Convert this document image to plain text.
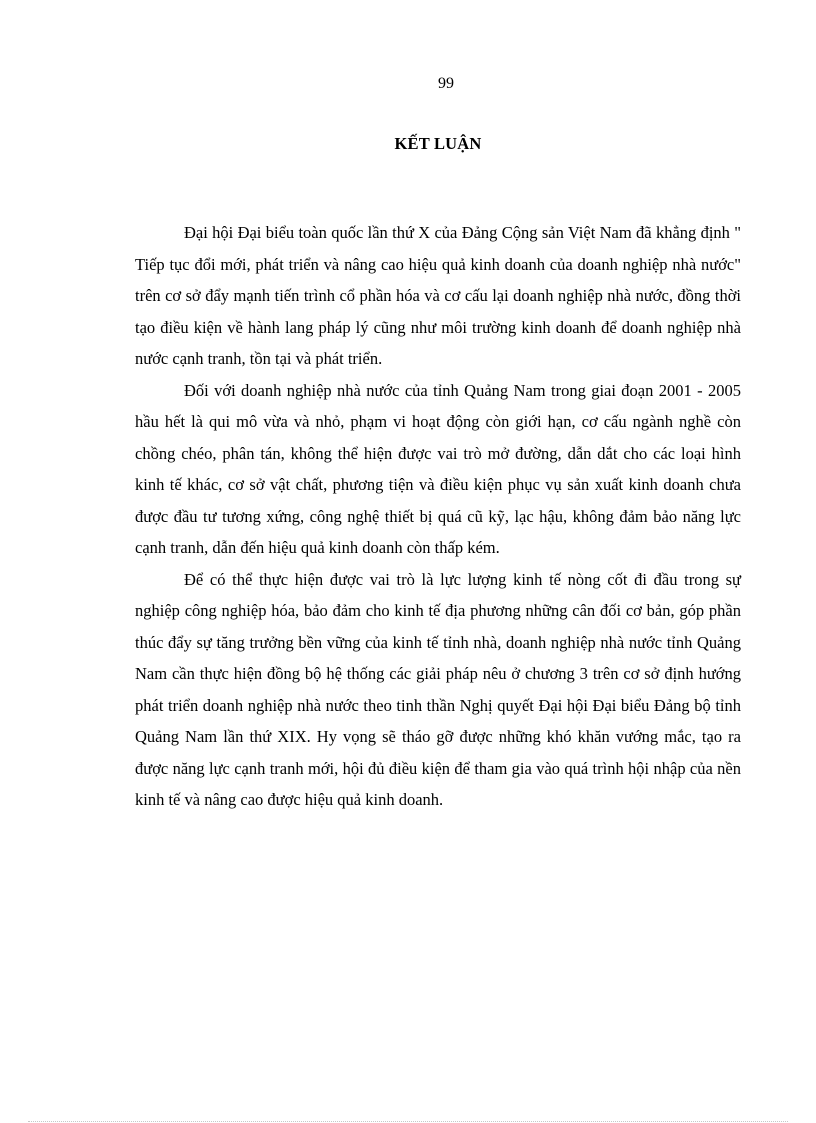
99
KẾT LUẬN

Đại hội Đại biểu toàn quốc lần thứ X của Đảng Cộng sản Việt Nam đã khẳng định " Tiếp tục đổi mới, phát triển và nâng cao hiệu quả kinh doanh của doanh nghiệp nhà nước" trên cơ sở đẩy mạnh tiến trình cổ phần hóa và cơ cấu lại doanh nghiệp nhà nước, đồng thời tạo điều kiện về hành lang pháp lý cũng như môi trường kinh doanh để doanh nghiệp nhà nước cạnh tranh, tồn tại và phát triển.

Đối với doanh nghiệp nhà nước của tỉnh Quảng Nam trong giai đoạn 2001 - 2005 hầu hết là qui mô vừa và nhỏ, phạm vi hoạt động còn giới hạn, cơ cấu ngành nghề còn chồng chéo, phân tán, không thể hiện được vai trò mở đường, dẫn dắt cho các loại hình kinh tế khác, cơ sở vật chất, phương tiện và điều kiện phục vụ sản xuất kinh doanh chưa được đầu tư tương xứng, công nghệ thiết bị quá cũ kỹ, lạc hậu, không đảm bảo năng lực cạnh tranh, dẫn đến hiệu quả kinh doanh còn thấp kém.

Để có thể thực hiện được vai trò là lực lượng kinh tế nòng cốt đi đầu trong sự nghiệp công nghiệp hóa, bảo đảm cho kinh tế địa phương những cân đối cơ bản, góp phần thúc đẩy sự tăng trưởng bền vững của kinh tế tỉnh nhà, doanh nghiệp nhà nước tỉnh Quảng Nam cần thực hiện đồng bộ hệ thống các giải pháp nêu ở chương 3 trên cơ sở định hướng phát triển doanh nghiệp nhà nước theo tinh thần Nghị quyết Đại hội Đại biểu Đảng bộ tỉnh Quảng Nam lần thứ XIX. Hy vọng sẽ tháo gỡ được những khó khăn vướng mắc, tạo ra được năng lực cạnh tranh mới, hội đủ điều kiện để tham gia vào quá trình hội nhập của nền kinh tế và nâng cao được hiệu quả kinh doanh.
